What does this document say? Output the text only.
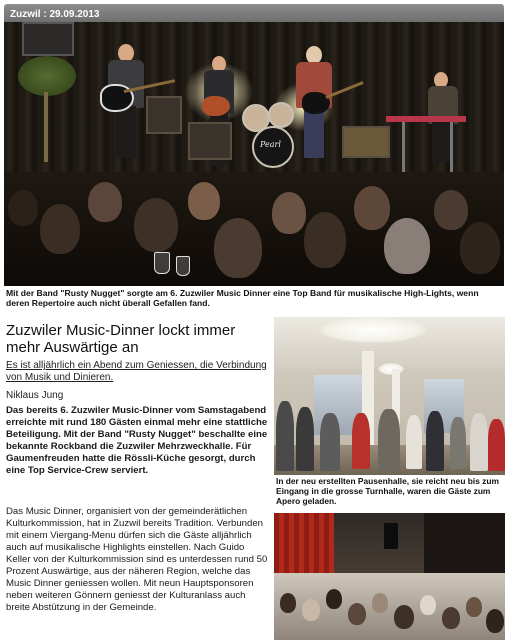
Zuzwil : 29.09.2013
Pearl
Mit der Band "Rusty Nugget" sorgte am 6. Zuzwiler Music Dinner eine Top Band für musikalische High-Lights, wenn deren Repertoire auch nicht überall Gefallen fand.
Zuzwiler Music-Dinner lockt immer mehr Auswärtige an
Es ist alljährlich ein Abend zum Geniessen, die Verbindung von Musik und Dinieren.
Niklaus Jung
Das bereits 6. Zuzwiler Music-Dinner vom Samstagabend erreichte mit rund 180 Gästen einmal mehr eine stattliche Beteiligung. Mit der Band "Rusty Nugget" beschallte eine bekannte Rockband die Zuzwiler Mehrzweckhalle. Für Gaumenfreuden hatte die Rössli-Küche gesorgt, durch eine Top Service-Crew serviert.
Das Music Dinner, organisiert von der gemeinderätlichen Kulturkommission, hat in Zuzwil bereits Tradition. Verbunden mit einem Viergang-Menu dürfen sich die Gäste alljährlich auch auf musikalische Highlights einstellen. Nach Guido Keller von der Kulturkommission sind es unterdessen rund 50 Prozent Auswärtige, aus der näheren Region, welche das Music Dinner geniessen wollen. Mit neun Hauptsponsoren neben weiteren Gönnern geniesst der Kulturanlass auch breite Abstützung in der Gemeinde.
In der neu erstellten Pausenhalle, sie reicht neu bis zum Eingang in die grosse Turnhalle, waren die Gäste zum Apero geladen.
